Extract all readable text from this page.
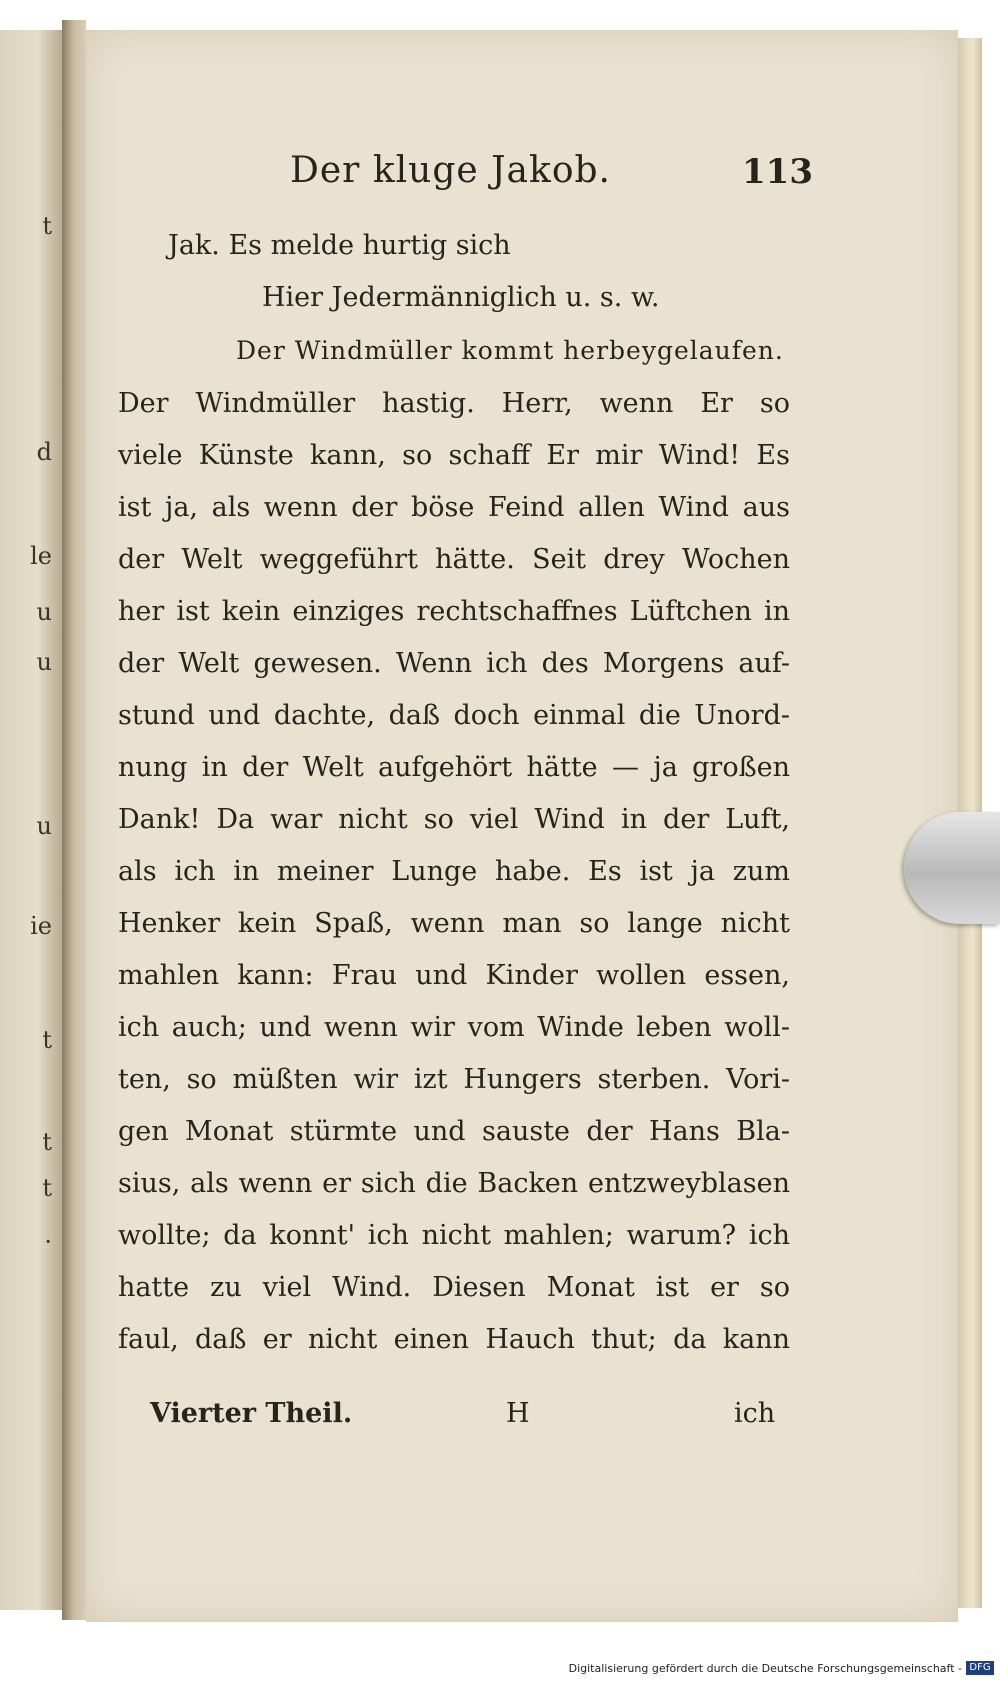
t
d
le
u
u
u
ie
t
t
t
·
Der kluge Jakob.	113
Jak. Es melde hurtig sich
Hier Jedermänniglich u. s. w.
Der Windmüller kommt herbeygelaufen.
Der Windmüller hastig. Herr, wenn Er so
viele Künste kann, so schaff Er mir Wind! Es
ist ja, als wenn der böse Feind allen Wind aus
der Welt weggeführt hätte. Seit drey Wochen
her ist kein einziges rechtschaffnes Lüftchen in
der Welt gewesen. Wenn ich des Morgens auf-
stund und dachte, daß doch einmal die Unord-
nung in der Welt aufgehört hätte — ja großen
Dank! Da war nicht so viel Wind in der Luft,
als ich in meiner Lunge habe. Es ist ja zum
Henker kein Spaß, wenn man so lange nicht
mahlen kann: Frau und Kinder wollen essen,
ich auch; und wenn wir vom Winde leben woll-
ten, so müßten wir izt Hungers sterben. Vori-
gen Monat stürmte und sauste der Hans Bla-
sius, als wenn er sich die Backen entzweyblasen
wollte; da konnt' ich nicht mahlen; warum? ich
hatte zu viel Wind. Diesen Monat ist er so
faul, daß er nicht einen Hauch thut; da kann
Vierter Theil.	H	ich
Digitalisierung gefördert durch die Deutsche Forschungsgemeinschaft - DFG
